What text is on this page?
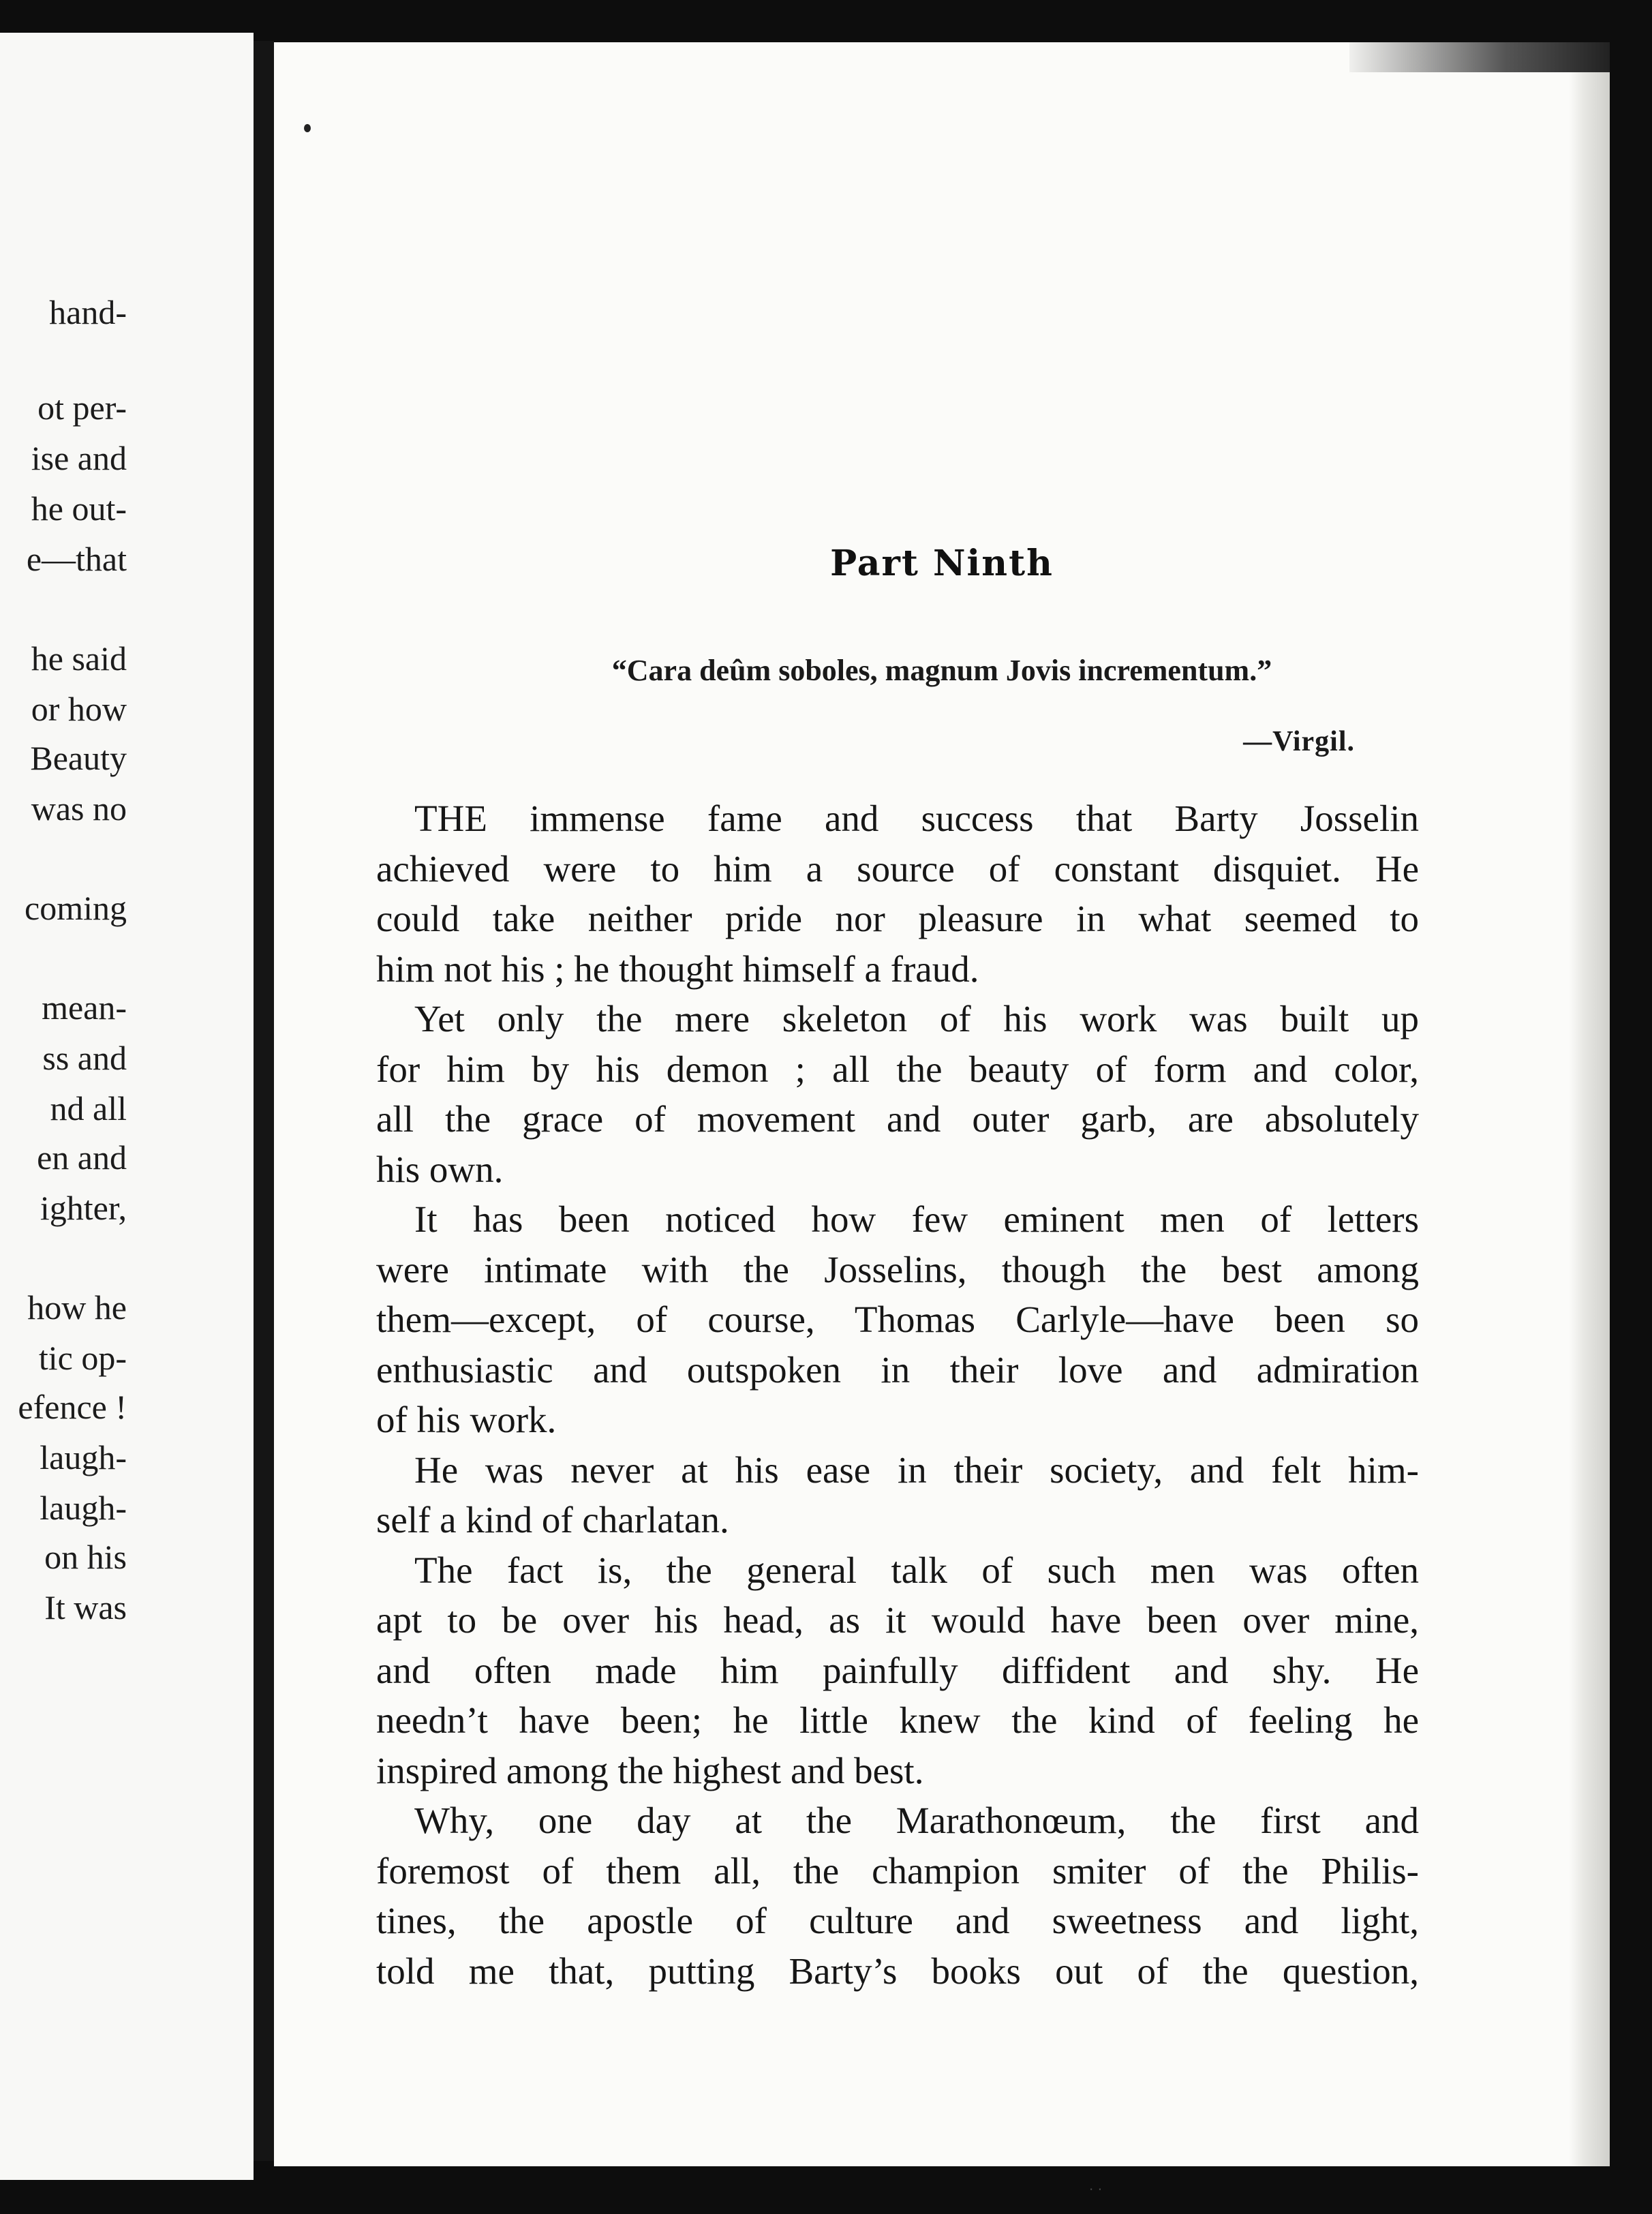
hand-
ot per-
ise and
he out-
e—that
he said
or how
Beauty
was no
coming
mean-
ss and
nd all
en and
ighter,
how he
tic op-
efence !
laugh-
laugh-
on his
It was
Part Ninth
“Cara deûm soboles, magnum Jovis incrementum.”
—Virgil.
THE immense fame and success that Barty Josselin
achieved were to him a source of constant disquiet. He
could take neither pride nor pleasure in what seemed to
him not his ; he thought himself a fraud.
Yet only the mere skeleton of his work was built up
for him by his demon ; all the beauty of form and color,
all the grace of movement and outer garb, are absolutely
his own.
It has been noticed how few eminent men of letters
were intimate with the Josselins, though the best among
them—except, of course, Thomas Carlyle—have been so
enthusiastic and outspoken in their love and admiration
of his work.
He was never at his ease in their society, and felt him-
self a kind of charlatan.
The fact is, the general talk of such men was often
apt to be over his head, as it would have been over mine,
and often made him painfully diffident and shy. He
needn’t have been; he little knew the kind of feeling he
inspired among the highest and best.
Why, one day at the Marathonœum, the first and
foremost of them all, the champion smiter of the Philis-
tines, the apostle of culture and sweetness and light,
told me that, putting Barty’s books out of the question,
· ·
